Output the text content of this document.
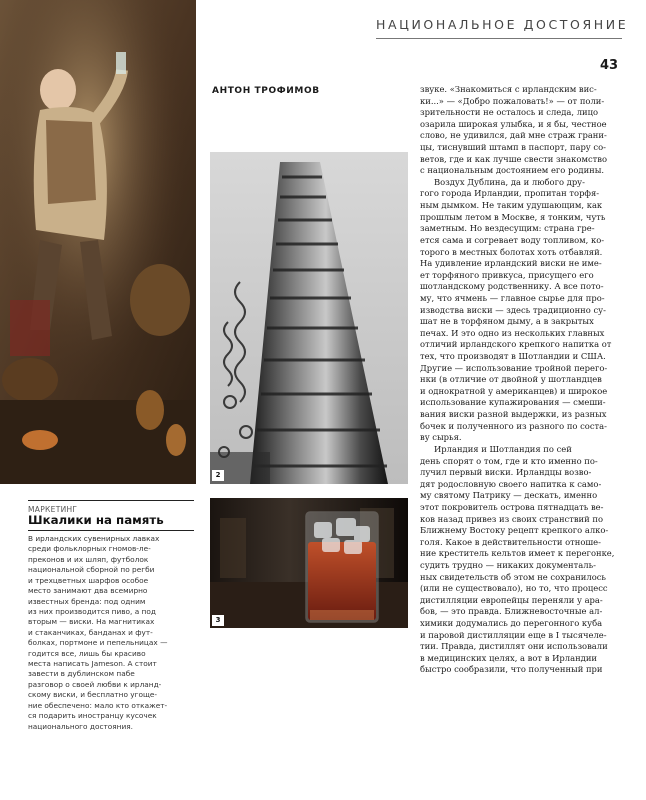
НАЦИОНАЛЬНОЕ ДОСТОЯНИЕ
43
АНТОН ТРОФИМОВ
2
3
МАРКЕТИНГ
Шкалики на память
В ирландских сувенирных лавках
среди фольклорных гномов-ле-
преконов и их шляп, футболок
национальной сборной по регби
и трехцветных шарфов особое
место занимают два всемирно
известных бренда: под одним
из них производится пиво, а под
вторым — виски. На магнитиках
и стаканчиках, банданах и фут-
болках, портмоне и пепельницах —
годится все, лишь бы красиво
места написать Jameson. А стоит
завести в дублинском пабе
разговор о своей любви к ирланд-
скому виски, и бесплатно угоще-
ние обеспечено: мало кто откажет-
ся подарить иностранцу кусочек
национального достояния.
звуке. «Знакомиться с ирландским вис-
ки...» — «Добро пожаловать!» — от поли-
зрительности не осталось и следа, лицо
озарила широкая улыбка, и я бы, честное
слово, не удивился, дай мне страж грани-
цы, тиснувший штамп в паспорт, пару со-
ветов, где и как лучше свести знакомство
с национальным достоянием его родины.
Воздух Дублина, да и любого дру-
гого города Ирландии, пропитан торфя-
ным дымком. Не таким удушающим, как
прошлым летом в Москве, я тонким, чуть
заметным. Но вездесущим: страна гре-
ется сама и согревает воду топливом, ко-
торого в местных болотах хоть отбавляй.
На удивление ирландский виски не име-
ет торфяного привкуса, присущего его
шотландскому родственнику. А все пото-
му, что ячмень — главное сырье для про-
изводства виски — здесь традиционно су-
шат не в торфяном дыму, а в закрытых
печах. И это одно из нескольких главных
отличий ирландского крепкого напитка от
тех, что производят в Шотландии и США.
Другие — использование тройной перего-
нки (в отличие от двойной у шотландцев
и однократной у американцев) и широкое
использование купажирования — смеши-
вания виски разной выдержки, из разных
бочек и полученного из разного по соста-
ву сырья.
Ирландия и Шотландия по сей
день спорят о том, где и кто именно по-
лучил первый виски. Ирландцы возво-
дят родословную своего напитка к само-
му святому Патрику — дескать, именно
этот покровитель острова пятнадцать ве-
ков назад привез из своих странствий по
Ближнему Востоку рецепт крепкого алко-
голя. Какое в действительности отноше-
ние креститель кельтов имеет к перегонке,
судить трудно — никаких документаль-
ных свидетельств об этом не сохранилось
(или не существовало), но то, что процесс
дистилляции европейцы переняли у ара-
бов, — это правда. Ближневосточные ал-
химики додумались до перегонного куба
и паровой дистилляции еще в I тысячеле-
тии. Правда, дистиллят они использовали
в медицинских целях, а вот в Ирландии
быстро сообразили, что полученный при
